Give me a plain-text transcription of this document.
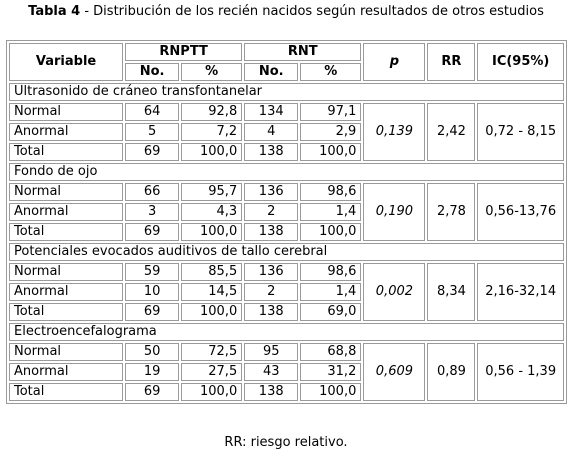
Tabla 4 - Distribución de los recién nacidos según resultados de otros estudios
Variable	RNPTT		RNT		p	RR	IC(95%)
	No.	%	No.	%			
Ultrasonido de cráneo transfontanelar							
Normal	64	92,8	134	97,1	0,139	2,42	0,72 - 8,15
Anormal	5	7,2	4	2,9			
Total	69	100,0	138	100,0			
Fondo de ojo							
Normal	66	95,7	136	98,6	0,190	2,78	0,56-13,76
Anormal	3	4,3	2	1,4			
Total	69	100,0	138	100,0			
Potenciales evocados auditivos de tallo cerebral							
Normal	59	85,5	136	98,6	0,002	8,34	2,16-32,14
Anormal	10	14,5	2	1,4			
Total	69	100,0	138	69,0			
Electroencefalograma							
Normal	50	72,5	95	68,8	0,609	0,89	0,56 - 1,39
Anormal	19	27,5	43	31,2			
Total	69	100,0	138	100,0			
RR: riesgo relativo.
